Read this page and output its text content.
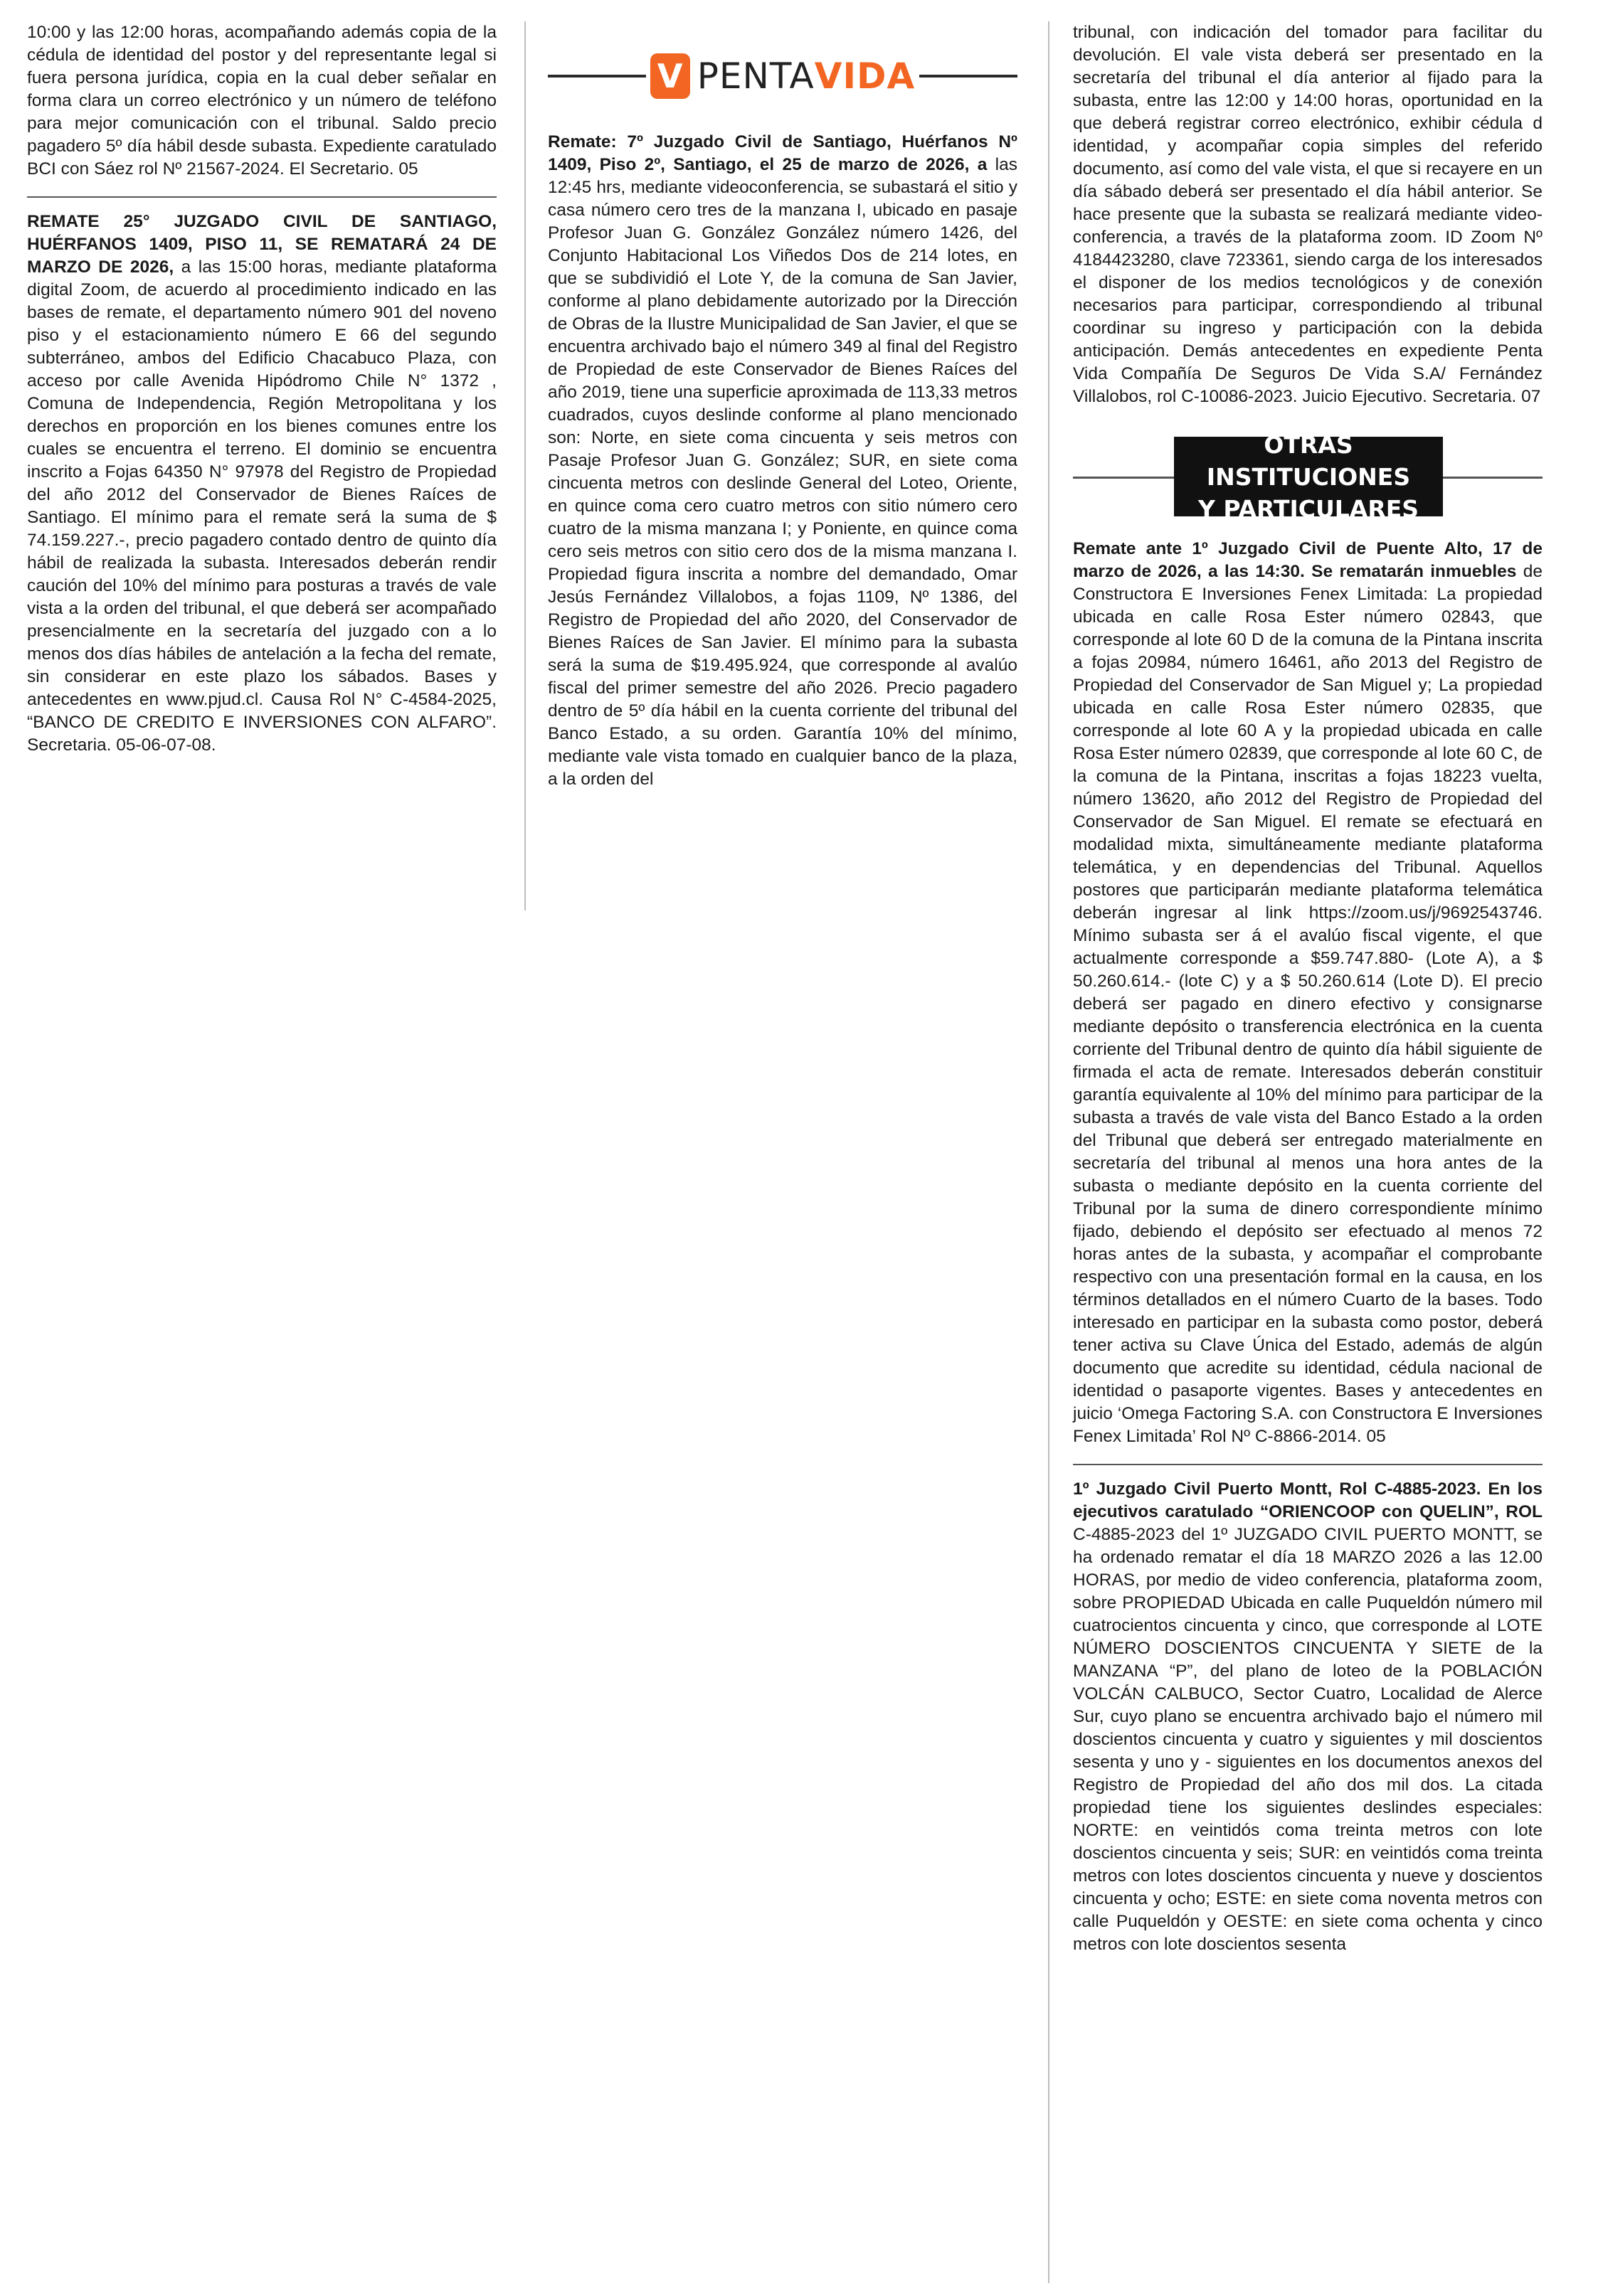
10:00 y las 12:00 horas, acompañando además copia de la cédula de identidad del postor y del representante legal si fuera persona jurídica, copia en la cual deber señalar en forma clara un correo electrónico y un número de teléfono para mejor comunicación con el tribunal. Saldo precio pagadero 5º día hábil desde subasta. Expediente caratulado BCI con Sáez rol Nº 21567-2024. El Secretario. 05

REMATE 25° JUZGADO CIVIL DE SANTIAGO, HUÉRFANOS 1409, PISO 11, SE REMATARÁ 24 DE MARZO DE 2026, a las 15:00 horas, mediante plataforma digital Zoom, de acuerdo al procedimiento indicado en las bases de remate, el departamento número 901 del noveno piso y el estacionamiento número E 66 del segundo subterráneo, ambos del Edificio Chacabuco Plaza, con acceso por calle Avenida Hipódromo Chile N° 1372 , Comuna de Independencia, Región Metropolitana y los derechos en proporción en los bienes comunes entre los cuales se encuentra el terreno. El dominio se encuentra inscrito a Fojas 64350 N° 97978 del Registro de Propiedad del año 2012 del Conservador de Bienes Raíces de Santiago. El mínimo para el remate será la suma de $ 74.159.227.-, precio pagadero contado dentro de quinto día hábil de realizada la subasta. Interesados deberán rendir caución del 10% del mínimo para posturas a través de vale vista a la orden del tribunal, el que deberá ser acompañado presencialmente en la secretaría del juzgado con a lo menos dos días hábiles de antelación a la fecha del remate, sin considerar en este plazo los sábados. Bases y antecedentes en www.pjud.cl. Causa Rol N° C-4584-2025, “BANCO DE CREDITO E INVERSIONES CON ALFARO”. Secretaria. 05-06-07-08.

V PENTAVIDA

Remate: 7º Juzgado Civil de Santiago, Huérfanos Nº 1409, Piso 2º, Santiago, el 25 de marzo de 2026, a las 12:45 hrs, mediante videoconferencia, se subastará el sitio y casa número cero tres de la manzana I, ubicado en pasaje Profesor Juan G. González González número 1426, del Conjunto Habitacional Los Viñedos Dos de 214 lotes, en que se subdividió el Lote Y, de la comuna de San Javier, conforme al plano debidamente autorizado por la Dirección de Obras de la Ilustre Municipalidad de San Javier, el que se encuentra archivado bajo el número 349 al final del Registro de Propiedad de este Conservador de Bienes Raíces del año 2019, tiene una superficie aproximada de 113,33 metros cuadrados, cuyos deslinde conforme al plano mencionado son: Norte, en siete coma cincuenta y seis metros con Pasaje Profesor Juan G. González; SUR, en siete coma cincuenta metros con deslinde General del Loteo, Oriente, en quince coma cero cuatro metros con sitio número cero cuatro de la misma manzana I; y Poniente, en quince coma cero seis metros con sitio cero dos de la misma manzana I. Propiedad figura inscrita a nombre del demandado, Omar Jesús Fernández Villalobos, a fojas 1109, Nº 1386, del Registro de Propiedad del año 2020, del Conservador de Bienes Raíces de San Javier. El mínimo para la subasta será la suma de $19.495.924, que corresponde al avalúo fiscal del primer semestre del año 2026. Precio pagadero dentro de 5º día hábil en la cuenta corriente del tribunal del Banco Estado, a su orden. Garantía 10% del mínimo, mediante vale vista tomado en cualquier banco de la plaza, a la orden del

tribunal, con indicación del tomador para facilitar du devolución. El vale vista deberá ser presentado en la secretaría del tribunal el día anterior al fijado para la subasta, entre las 12:00 y 14:00 horas, oportunidad en la que deberá registrar correo electrónico, exhibir cédula d identidad, y acompañar copia simples del referido documento, así como del vale vista, el que si recayere en un día sábado deberá ser presentado el día hábil anterior. Se hace presente que la subasta se realizará mediante video- conferencia, a través de la plataforma zoom. ID Zoom Nº 4184423280, clave 723361, siendo carga de los interesados el disponer de los medios tecnológicos y de conexión necesarios para participar, correspondiendo al tribunal coordinar su ingreso y participación con la debida anticipación. Demás antecedentes en expediente Penta Vida Compañía De Seguros De Vida S.A/ Fernández Villalobos, rol C-10086-2023. Juicio Ejecutivo. Secretaria. 07

OTRAS INSTITUCIONES
Y PARTICULARES

Remate ante 1º Juzgado Civil de Puente Alto, 17 de marzo de 2026, a las 14:30. Se rematarán inmuebles de Constructora E Inversiones Fenex Limitada: La propiedad ubicada en calle Rosa Ester número 02843, que corresponde al lote 60 D de la comuna de la Pintana inscrita a fojas 20984, número 16461, año 2013 del Registro de Propiedad del Conservador de San Miguel y; La propiedad ubicada en calle Rosa Ester número 02835, que corresponde al lote 60 A y la propiedad ubicada en calle Rosa Ester número 02839, que corresponde al lote 60 C, de la comuna de la Pintana, inscritas a fojas 18223 vuelta, número 13620, año 2012 del Registro de Propiedad del Conservador de San Miguel. El remate se efectuará en modalidad mixta, simultáneamente mediante plataforma telemática, y en dependencias del Tribunal. Aquellos postores que participarán mediante plataforma telemática deberán ingresar al link https://zoom.us/j/9692543746. Mínimo subasta ser á el avalúo fiscal vigente, el que actualmente corresponde a $59.747.880- (Lote A), a $ 50.260.614.- (lote C) y a $ 50.260.614 (Lote D). El precio deberá ser pagado en dinero efectivo y consignarse mediante depósito o transferencia electrónica en la cuenta corriente del Tribunal dentro de quinto día hábil siguiente de firmada el acta de remate. Interesados deberán constituir garantía equivalente al 10% del mínimo para participar de la subasta a través de vale vista del Banco Estado a la orden del Tribunal que deberá ser entregado materialmente en secretaría del tribunal al menos una hora antes de la subasta o mediante depósito en la cuenta corriente del Tribunal por la suma de dinero correspondiente mínimo fijado, debiendo el depósito ser efectuado al menos 72 horas antes de la subasta, y acompañar el comprobante respectivo con una presentación formal en la causa, en los términos detallados en el número Cuarto de la bases. Todo interesado en participar en la subasta como postor, deberá tener activa su Clave Única del Estado, además de algún documento que acredite su identidad, cédula nacional de identidad o pasaporte vigentes. Bases y antecedentes en juicio ‘Omega Factoring S.A. con Constructora E Inversiones Fenex Limitada’ Rol Nº C-8866-2014. 05

1º Juzgado Civil Puerto Montt, Rol C-4885-2023. En los ejecutivos caratulado “ORIENCOOP con QUELIN”, ROL C-4885-2023 del 1º JUZGADO CIVIL PUERTO MONTT, se ha ordenado rematar el día 18 MARZO 2026 a las 12.00 HORAS, por medio de video conferencia, plataforma zoom, sobre PROPIEDAD Ubicada en calle Puqueldón número mil cuatrocientos cincuenta y cinco, que corresponde al LOTE NÚMERO DOSCIENTOS CINCUENTA Y SIETE de la MANZANA “P”, del plano de loteo de la POBLACIÓN VOLCÁN CALBUCO, Sector Cuatro, Localidad de Alerce Sur, cuyo plano se encuentra archivado bajo el número mil doscientos cincuenta y cuatro y siguientes y mil doscientos sesenta y uno y - siguientes en los documentos anexos del Registro de Propiedad del año dos mil dos. La citada propiedad tiene los siguientes deslindes especiales: NORTE: en veintidós coma treinta metros con lote doscientos cincuenta y seis; SUR: en veintidós coma treinta metros con lotes doscientos cincuenta y nueve y doscientos cincuenta y ocho; ESTE: en siete coma noventa metros con calle Puqueldón y OESTE: en siete coma ochenta y cinco metros con lote doscientos sesenta
